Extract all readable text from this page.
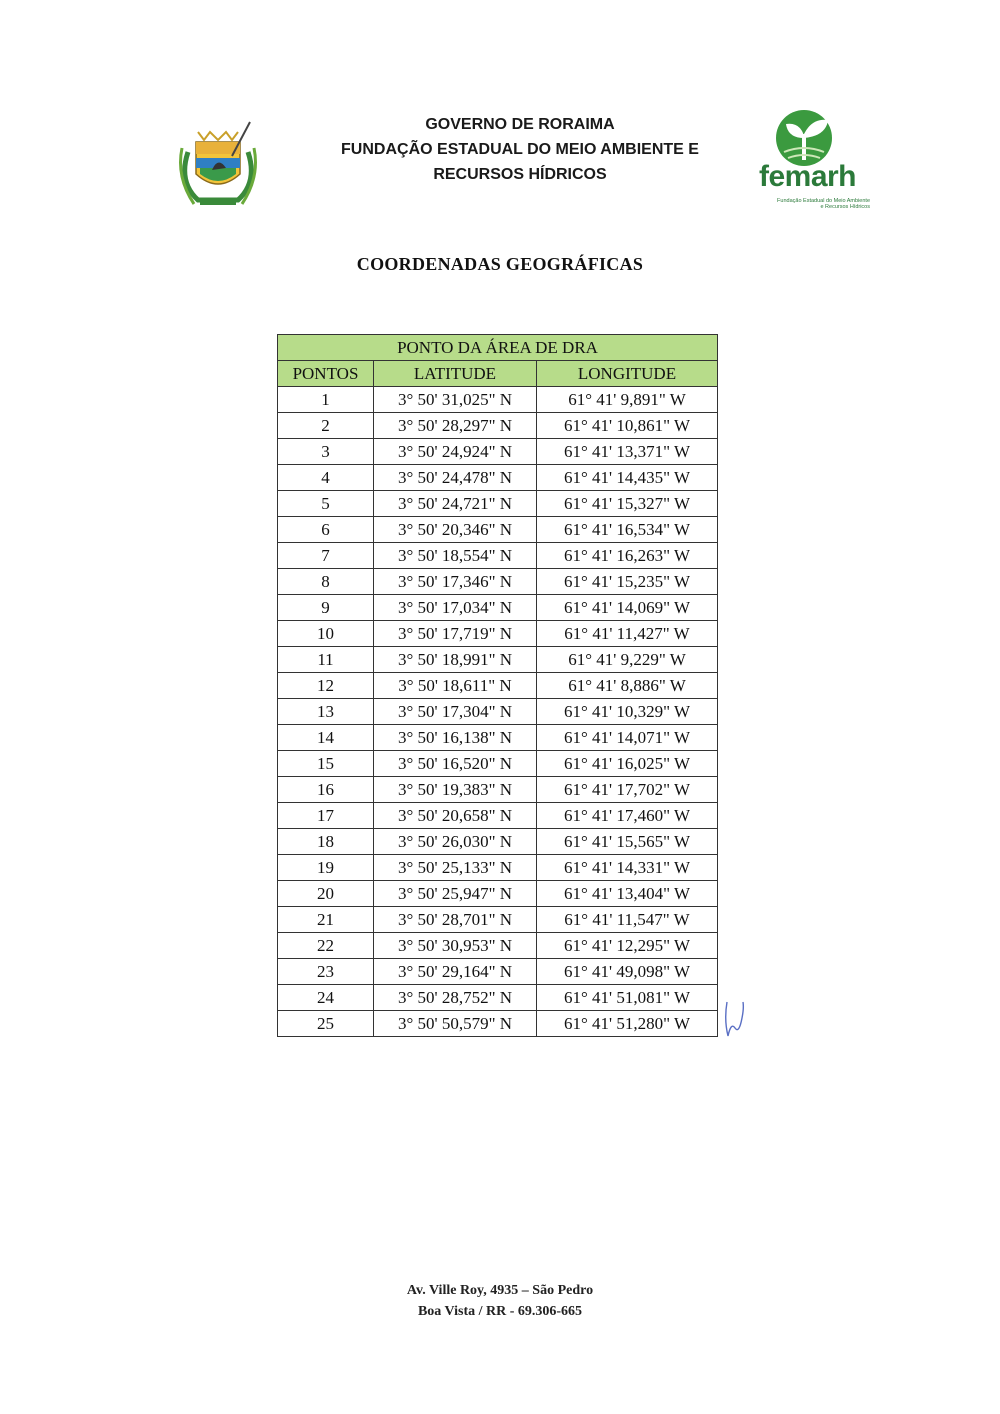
GOVERNO DE RORAIMA
FUNDAÇÃO ESTADUAL DO MEIO AMBIENTE E
RECURSOS HÍDRICOS	femarh
Fundação Estadual do Meio Ambiente
e Recursos Hídricos
COORDENADAS GEOGRÁFICAS
PONTO DA ÁREA DE DRA		
PONTOS	LATITUDE	LONGITUDE
1	3° 50' 31,025" N	61° 41' 9,891" W
2	3° 50' 28,297" N	61° 41' 10,861" W
3	3° 50' 24,924" N	61° 41' 13,371" W
4	3° 50' 24,478" N	61° 41' 14,435" W
5	3° 50' 24,721" N	61° 41' 15,327" W
6	3° 50' 20,346" N	61° 41' 16,534" W
7	3° 50' 18,554" N	61° 41' 16,263" W
8	3° 50' 17,346" N	61° 41' 15,235" W
9	3° 50' 17,034" N	61° 41' 14,069" W
10	3° 50' 17,719" N	61° 41' 11,427" W
11	3° 50' 18,991" N	61° 41' 9,229" W
12	3° 50' 18,611" N	61° 41' 8,886" W
13	3° 50' 17,304" N	61° 41' 10,329" W
14	3° 50' 16,138" N	61° 41' 14,071" W
15	3° 50' 16,520" N	61° 41' 16,025" W
16	3° 50' 19,383" N	61° 41' 17,702" W
17	3° 50' 20,658" N	61° 41' 17,460" W
18	3° 50' 26,030" N	61° 41' 15,565" W
19	3° 50' 25,133" N	61° 41' 14,331" W
20	3° 50' 25,947" N	61° 41' 13,404" W
21	3° 50' 28,701" N	61° 41' 11,547" W
22	3° 50' 30,953" N	61° 41' 12,295" W
23	3° 50' 29,164" N	61° 41' 49,098" W
24	3° 50' 28,752" N	61° 41' 51,081" W
25	3° 50' 50,579" N	61° 41' 51,280" W
Av. Ville Roy, 4935 – São Pedro
Boa Vista / RR - 69.306-665
